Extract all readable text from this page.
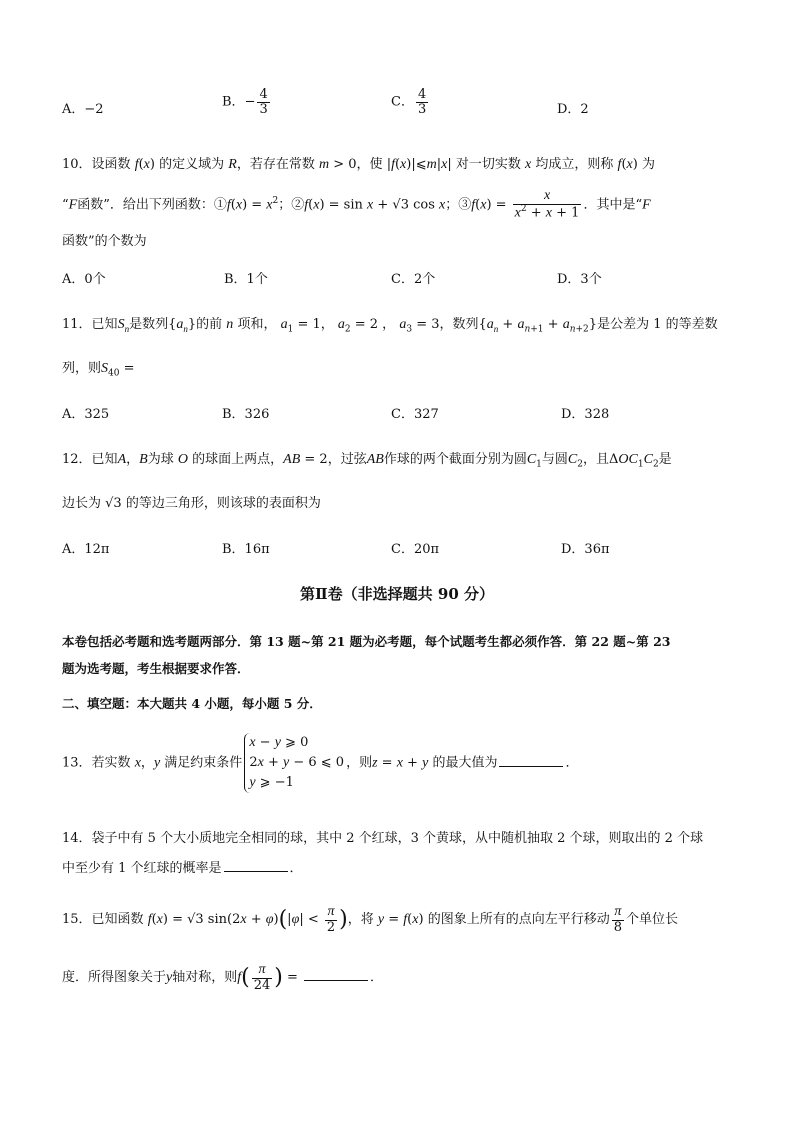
A．−2	B．− $\frac{4}{3}$	C． $\frac{4}{3}$	D．2
10．设函数 f(x) 的定义域为 R，若存在常数 m > 0，使 |f(x)|⩽m|x| 对一切实数 x 均成立，则称 f(x) 为
“F函数”．给出下列函数：①f(x) = $x^2$；②f(x) = sin x + √3 cos x；③f(x) = $\frac{x}{x^2 + x + 1}$ ．其中是“F
函数”的个数为
A．0个	B．1个	C．2个	D．3个
11．已知$S_n$是数列$\{a_n\}$的前 n 项和， $a_1 = 1$， $a_2 = 2$ ， $a_3 = 3$，数列$\{a_n + a_{n+1} + a_{n+2}\}$是公差为 1 的等差数
列，则$S_{40}$ =
A．325	B．326	C．327	D．328
12．已知A，B为球 O 的球面上两点，AB = 2，过弦AB作球的两个截面分别为圆$C_1$与圆$C_2$，且$\Delta OC_1C_2$是
边长为 √3 的等边三角形，则该球的表面积为
A．12π	B．16π	C．20π	D．36π
第Ⅱ卷（非选择题共 90 分）
本卷包括必考题和选考题两部分．第 13 题~第 21 题为必考题，每个试题考生都必须作答．第 22 题~第 23
题为选考题，考生根据要求作答．
二、填空题：本大题共 4 小题，每小题 5 分．
13．若实数 x，y 满足约束条件
x − y ⩾ 0
2x + y − 6 ⩽ 0
y ⩾ −1
，则z = x + y 的最大值为	．
14．袋子中有 5 个大小质地完全相同的球，其中 2 个红球，3 个黄球，从中随机抽取 2 个球，则取出的 2 个球
中至少有 1 个红球的概率是	．
15．已知函数 f(x) = √3 $\sin(2x + \varphi)(|\varphi| < \frac{\pi}{2}$ )，将 y = f(x) 的图象上所有的点向左平行移动 $\frac{\pi}{8}$ 个单位长
度．所得图象关于y轴对称，则$f( \frac{\pi}{24}$ ) =	．
